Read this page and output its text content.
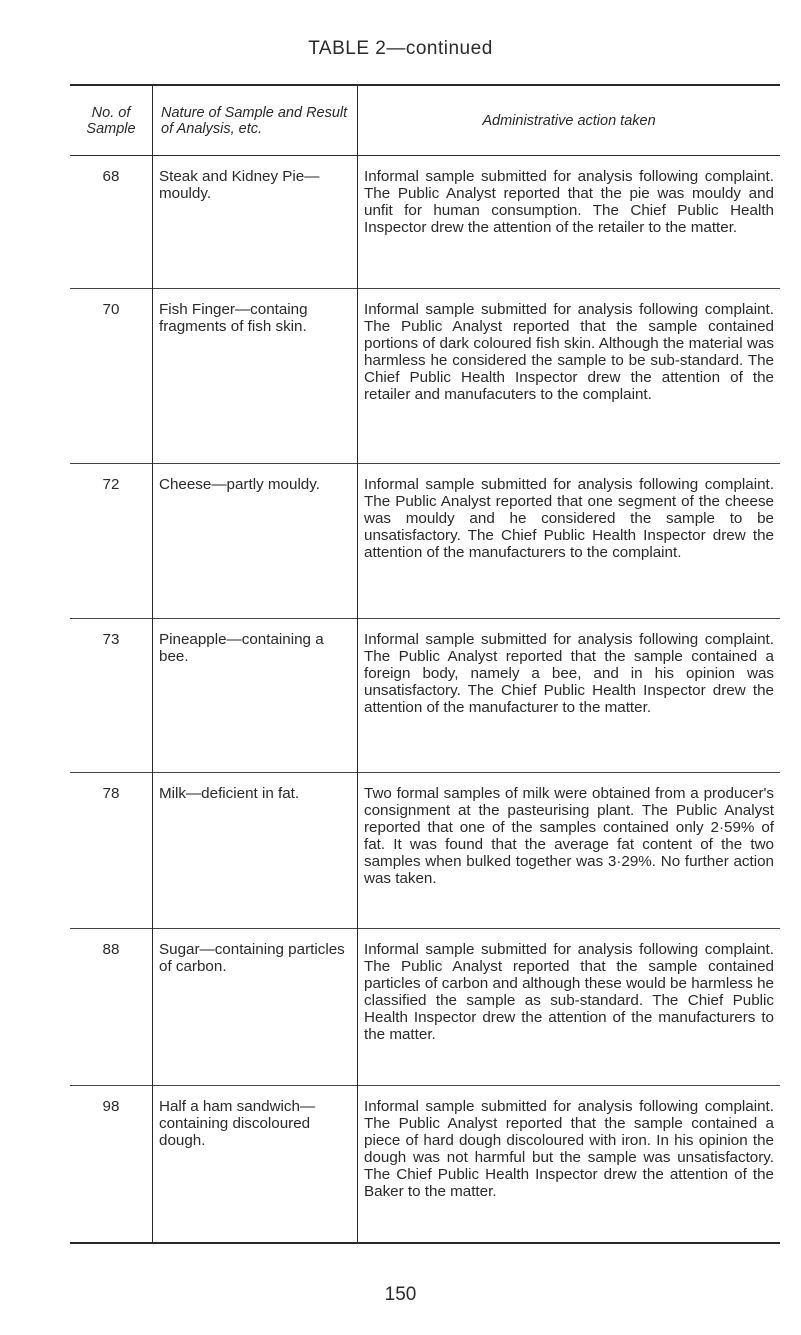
TABLE 2—continued
No. of Sample	Nature of Sample and Result of Analysis, etc.	Administrative action taken
68	Steak and Kidney Pie—mouldy.	Informal sample submitted for analysis following complaint. The Public Analyst reported that the pie was mouldy and unfit for human consumption. The Chief Public Health Inspector drew the attention of the retailer to the matter.
70	Fish Finger—containg fragments of fish skin.	Informal sample submitted for analysis following complaint. The Public Analyst reported that the sample contained portions of dark coloured fish skin. Although the material was harmless he considered the sample to be sub-standard. The Chief Public Health Inspector drew the attention of the retailer and manufacuters to the complaint.
72	Cheese—partly mouldy.	Informal sample submitted for analysis following complaint. The Public Analyst reported that one segment of the cheese was mouldy and he considered the sample to be unsatisfactory. The Chief Public Health Inspector drew the attention of the manufacturers to the complaint.
73	Pineapple—containing a bee.	Informal sample submitted for analysis following complaint. The Public Analyst reported that the sample contained a foreign body, namely a bee, and in his opinion was unsatisfactory. The Chief Public Health Inspector drew the attention of the manufacturer to the matter.
78	Milk—deficient in fat.	Two formal samples of milk were obtained from a producer's consignment at the pasteurising plant. The Public Analyst reported that one of the samples contained only 2·59% of fat. It was found that the average fat content of the two samples when bulked together was 3·29%. No further action was taken.
88	Sugar—containing particles of carbon.	Informal sample submitted for analysis following complaint. The Public Analyst reported that the sample contained particles of carbon and although these would be harmless he classified the sample as sub-standard. The Chief Public Health Inspector drew the attention of the manufacturers to the matter.
98	Half a ham sandwich—containing discoloured dough.	Informal sample submitted for analysis following complaint. The Public Analyst reported that the sample contained a piece of hard dough discoloured with iron. In his opinion the dough was not harmful but the sample was unsatisfactory. The Chief Public Health Inspector drew the attention of the Baker to the matter.
150
